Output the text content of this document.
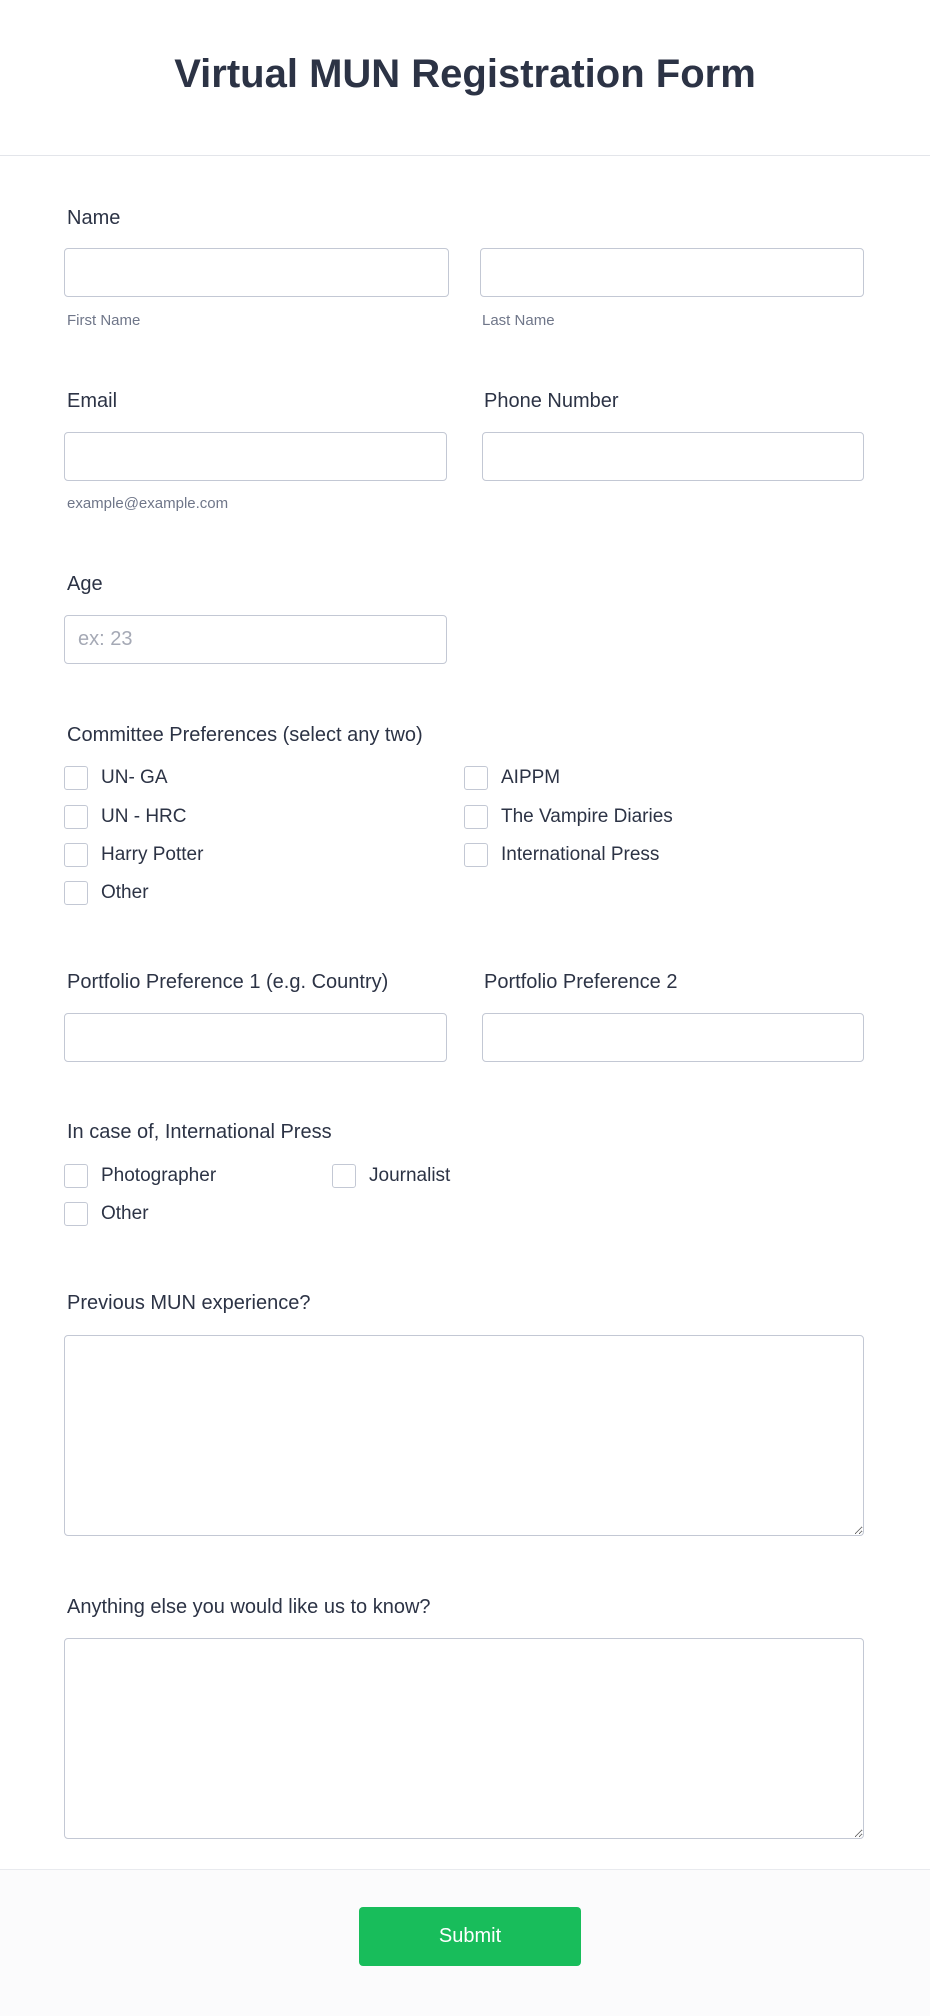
Virtual MUN Registration Form
Name
First Name	Last Name
Email	Phone Number
example@example.com
Age
ex: 23
Committee Preferences (select any two)
UN- GA
UN - HRC
Harry Potter
Other
AIPPM
The Vampire Diaries
International Press
Portfolio Preference 1 (e.g. Country)	Portfolio Preference 2
In case of, International Press
Photographer	Journalist
Other
Previous MUN experience?
Anything else you would like us to know?
Submit
